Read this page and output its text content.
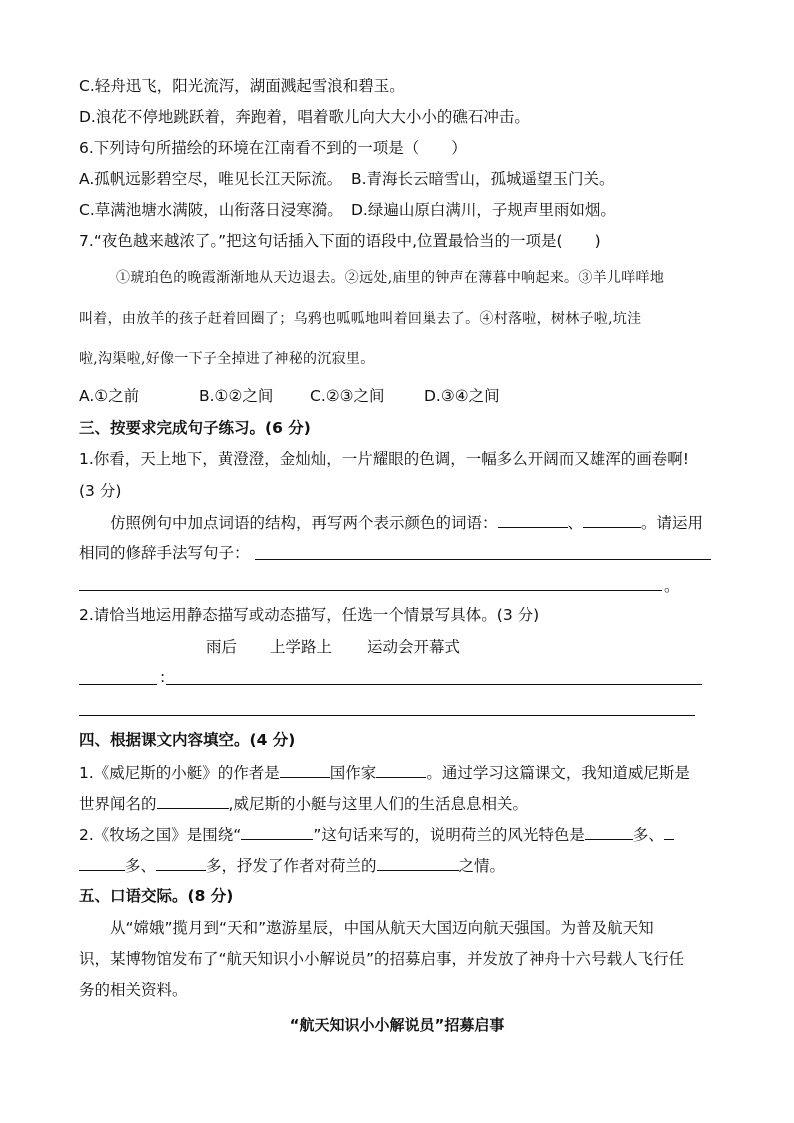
C.轻舟迅飞，阳光流泻，湖面溅起雪浪和碧玉。
D.浪花不停地跳跃着，奔跑着，唱着歌儿向大大小小的礁石冲击。
6.下列诗句所描绘的环境在江南看不到的一项是（ ）
A.孤帆远影碧空尽，唯见长江天际流。 B.青海长云暗雪山，孤城遥望玉门关。
C.草满池塘水满陂，山衔落日浸寒漪。 D.绿遍山原白满川，子规声里雨如烟。
7.“夜色越来越浓了。”把这句话插入下面的语段中,位置最恰当的一项是( )
①琥珀色的晚霞渐渐地从天边退去。②远处,庙里的钟声在薄暮中响起来。③羊儿咩咩地
叫着，由放羊的孩子赶着回圈了；乌鸦也呱呱地叫着回巢去了。④村落啦，树林子啦,坑洼
啦,沟渠啦,好像一下子全掉进了神秘的沉寂里。
A.①之前	B.①②之间 C.②③之间	D.③④之间
三、按要求完成句子练习。(6 分)
1.你看，天上地下，黄澄澄，金灿灿，一片耀眼的色调，一幅多么开阔而又雄浑的画卷啊!
(3 分)
仿照例句中加点词语的结构，再写两个表示颜色的词语：	、	。请运用
相同的修辞手法写句子：
。
2.请恰当地运用静态描写或动态描写，任选一个情景写具体。(3 分)
雨后 上学路上 运动会开幕式
:
四、根据课文内容填空。(4 分)
1.《威尼斯的小艇》的作者是	国作家	。通过学习这篇课文，我知道威尼斯是
世界闻名的	,威尼斯的小艇与这里人们的生活息息相关。
2.《牧场之国》是围绕“	”这句话来写的，说明荷兰的风光特色是	多、
多、	多，抒发了作者对荷兰的	之情。
五、口语交际。(8 分)
从“嫦娥”揽月到“天和”遨游星辰，中国从航天大国迈向航天强国。为普及航天知
识，某博物馆发布了“航天知识小小解说员”的招募启事，并发放了神舟十六号载人飞行任
务的相关资料。
“航天知识小小解说员”招募启事
